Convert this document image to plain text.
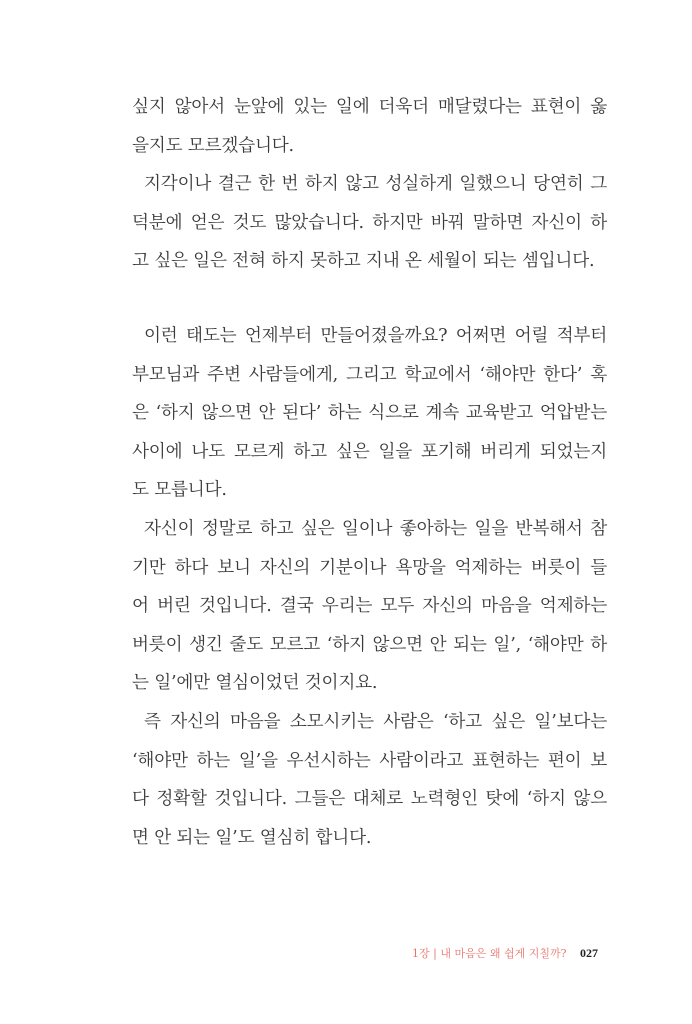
싶지 않아서 눈앞에 있는 일에 더욱더 매달렸다는 표현이 옳
을지도 모르겠습니다.
지각이나 결근 한 번 하지 않고 성실하게 일했으니 당연히 그
덕분에 얻은 것도 많았습니다. 하지만 바꿔 말하면 자신이 하
고 싶은 일은 전혀 하지 못하고 지내 온 세월이 되는 셈입니다.
이런 태도는 언제부터 만들어졌을까요? 어쩌면 어릴 적부터
부모님과 주변 사람들에게, 그리고 학교에서 ‘해야만 한다’ 혹
은 ‘하지 않으면 안 된다’ 하는 식으로 계속 교육받고 억압받는
사이에 나도 모르게 하고 싶은 일을 포기해 버리게 되었는지
도 모릅니다.
자신이 정말로 하고 싶은 일이나 좋아하는 일을 반복해서 참
기만 하다 보니 자신의 기분이나 욕망을 억제하는 버릇이 들
어 버린 것입니다. 결국 우리는 모두 자신의 마음을 억제하는
버릇이 생긴 줄도 모르고 ‘하지 않으면 안 되는 일’, ‘해야만 하
는 일’에만 열심이었던 것이지요.
즉 자신의 마음을 소모시키는 사람은 ‘하고 싶은 일’보다는
‘해야만 하는 일’을 우선시하는 사람이라고 표현하는 편이 보
다 정확할 것입니다. 그들은 대체로 노력형인 탓에 ‘하지 않으
면 안 되는 일’도 열심히 합니다.
1장 | 내 마음은 왜 쉽게 지칠까? 027
